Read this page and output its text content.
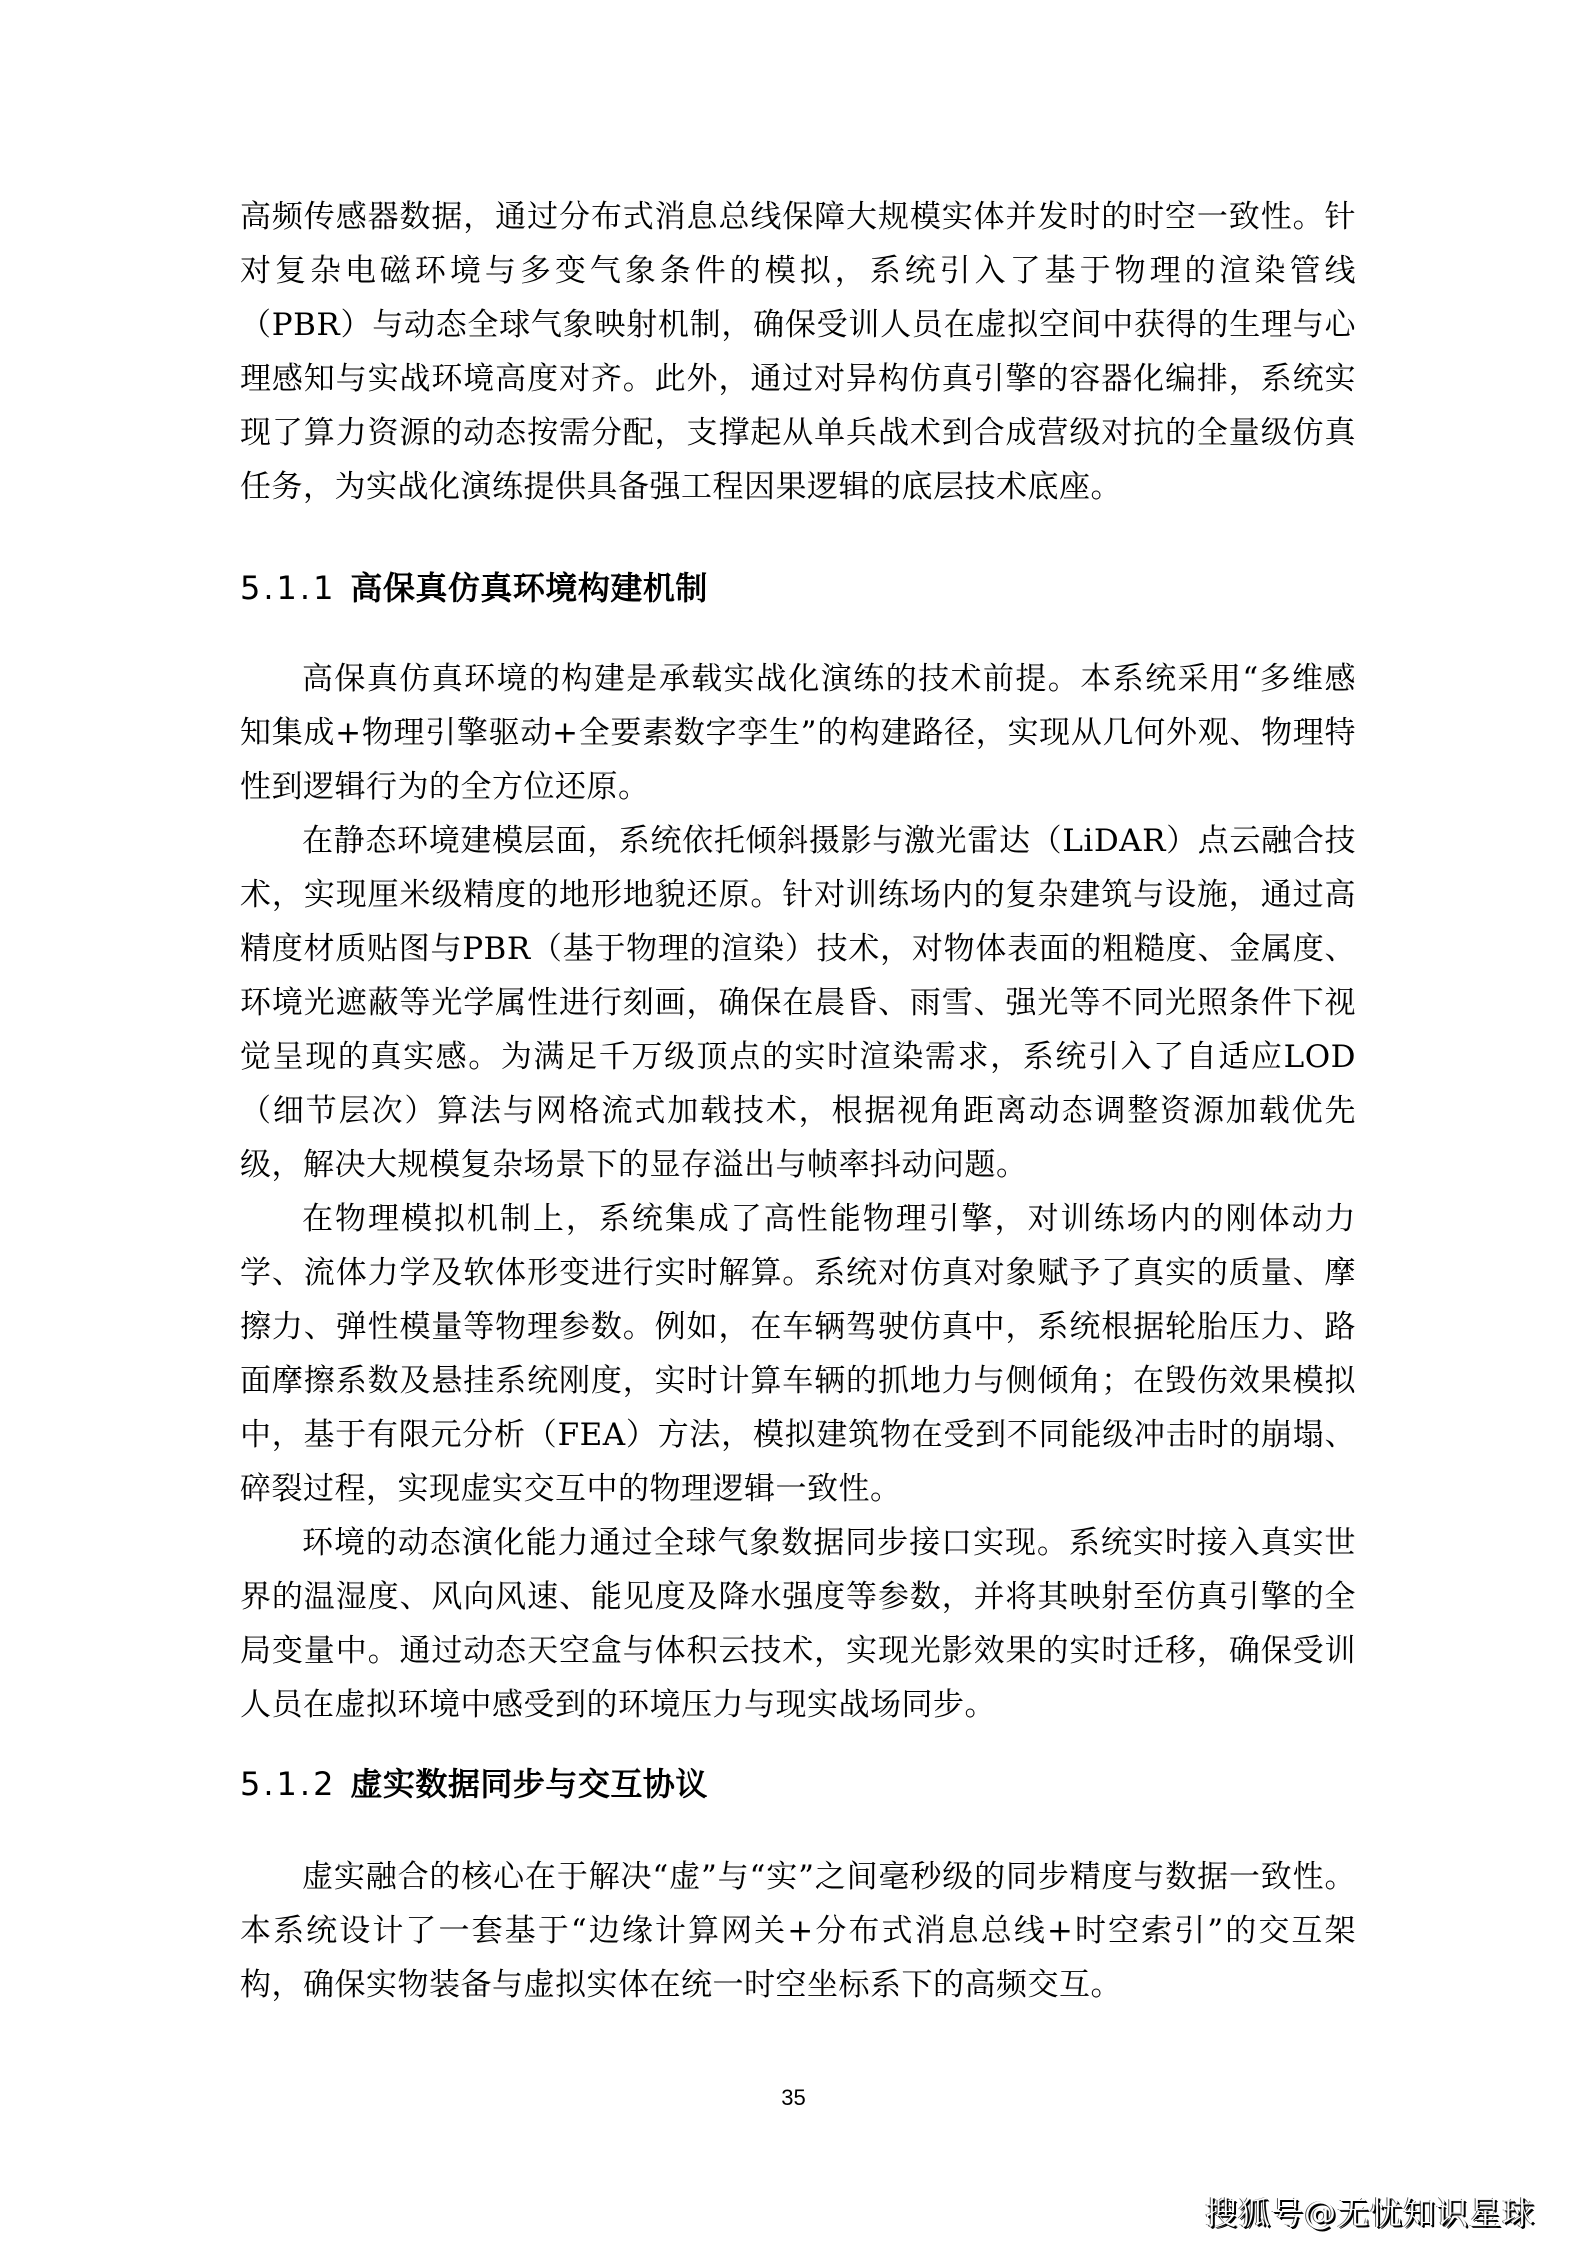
高频传感器数据，通过分布式消息总线保障大规模实体并发时的时空一致性。针对复杂电磁环境与多变气象条件的模拟，系统引入了基于物理的渲染管线（PBR）与动态全球气象映射机制，确保受训人员在虚拟空间中获得的生理与心理感知与实战环境高度对齐。此外，通过对异构仿真引擎的容器化编排，系统实现了算力资源的动态按需分配，支撑起从单兵战术到合成营级对抗的全量级仿真任务，为实战化演练提供具备强工程因果逻辑的底层技术底座。

5.1.1 高保真仿真环境构建机制

高保真仿真环境的构建是承载实战化演练的技术前提。本系统采用“多维感知集成+物理引擎驱动+全要素数字孪生”的构建路径，实现从几何外观、物理特性到逻辑行为的全方位还原。

在静态环境建模层面，系统依托倾斜摄影与激光雷达（LiDAR）点云融合技术，实现厘米级精度的地形地貌还原。针对训练场内的复杂建筑与设施，通过高精度材质贴图与PBR（基于物理的渲染）技术，对物体表面的粗糙度、金属度、环境光遮蔽等光学属性进行刻画，确保在晨昏、雨雪、强光等不同光照条件下视觉呈现的真实感。为满足千万级顶点的实时渲染需求，系统引入了自适应LOD（细节层次）算法与网格流式加载技术，根据视角距离动态调整资源加载优先级，解决大规模复杂场景下的显存溢出与帧率抖动问题。

在物理模拟机制上，系统集成了高性能物理引擎，对训练场内的刚体动力学、流体力学及软体形变进行实时解算。系统对仿真对象赋予了真实的质量、摩擦力、弹性模量等物理参数。例如，在车辆驾驶仿真中，系统根据轮胎压力、路面摩擦系数及悬挂系统刚度，实时计算车辆的抓地力与侧倾角；在毁伤效果模拟中，基于有限元分析（FEA）方法，模拟建筑物在受到不同能级冲击时的崩塌、碎裂过程，实现虚实交互中的物理逻辑一致性。

环境的动态演化能力通过全球气象数据同步接口实现。系统实时接入真实世界的温湿度、风向风速、能见度及降水强度等参数，并将其映射至仿真引擎的全局变量中。通过动态天空盒与体积云技术，实现光影效果的实时迁移，确保受训人员在虚拟环境中感受到的环境压力与现实战场同步。

5.1.2 虚实数据同步与交互协议

虚实融合的核心在于解决“虚”与“实”之间毫秒级的同步精度与数据一致性。本系统设计了一套基于“边缘计算网关+分布式消息总线+时空索引”的交互架构，确保实物装备与虚拟实体在统一时空坐标系下的高频交互。

35
搜狐号@无忧知识星球
